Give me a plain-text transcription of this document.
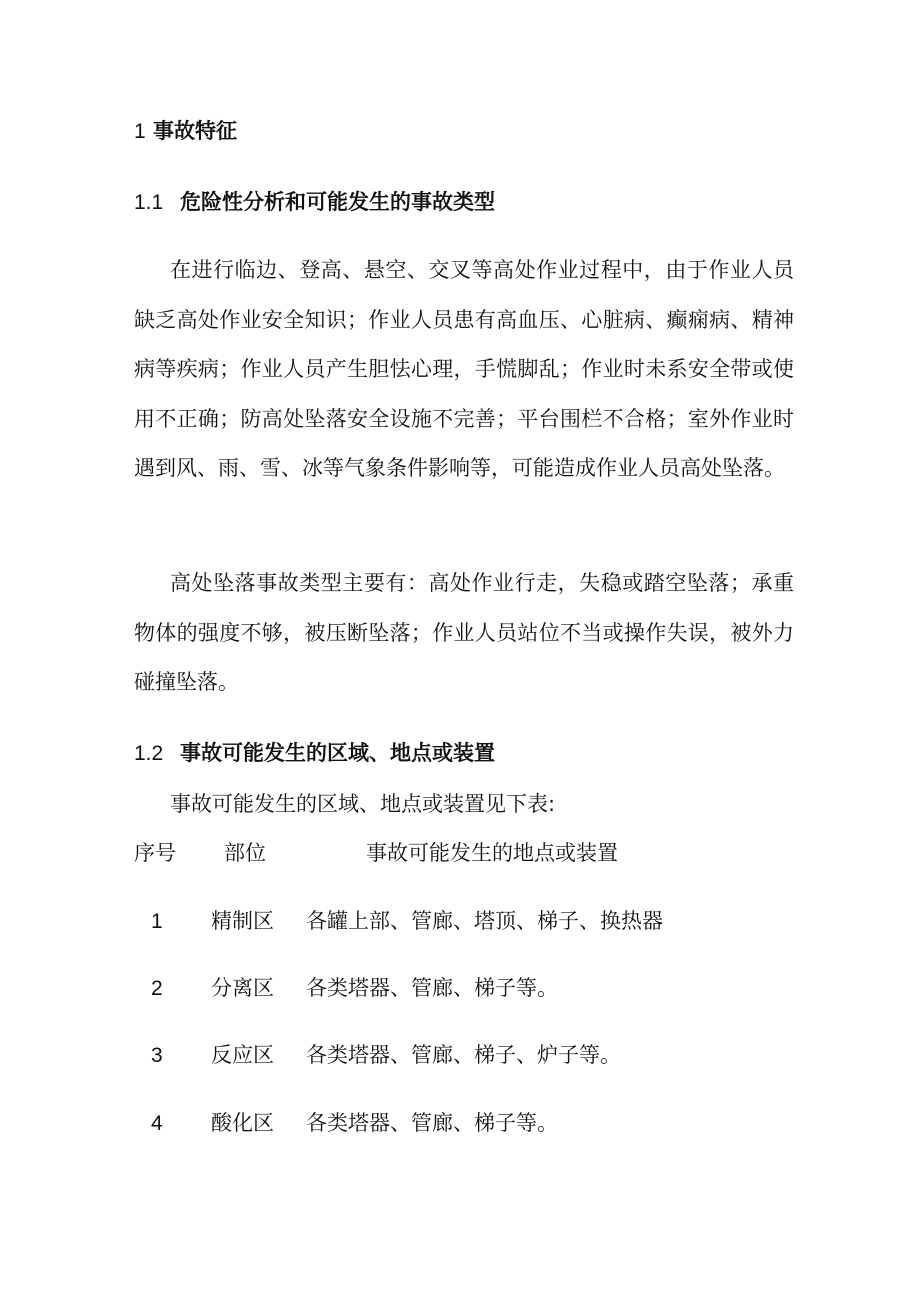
1 事故特征
1.1 危险性分析和可能发生的事故类型

在进行临边、登高、悬空、交叉等高处作业过程中，由于作业人员缺乏高处作业安全知识；作业人员患有高血压、心脏病、癫痫病、精神病等疾病；作业人员产生胆怯心理，手慌脚乱；作业时未系安全带或使用不正确；防高处坠落安全设施不完善；平台围栏不合格；室外作业时遇到风、雨、雪、冰等气象条件影响等，可能造成作业人员高处坠落。

高处坠落事故类型主要有：高处作业行走，失稳或踏空坠落；承重物体的强度不够，被压断坠落；作业人员站位不当或操作失误，被外力碰撞坠落。

1.2 事故可能发生的区域、地点或装置
事故可能发生的区域、地点或装置见下表:
序号 部位	事故可能发生的地点或装置
1 精制区 各罐上部、管廊、塔顶、梯子、换热器
2 分离区 各类塔器、管廊、梯子等。
3 反应区 各类塔器、管廊、梯子、炉子等。
4 酸化区 各类塔器、管廊、梯子等。
